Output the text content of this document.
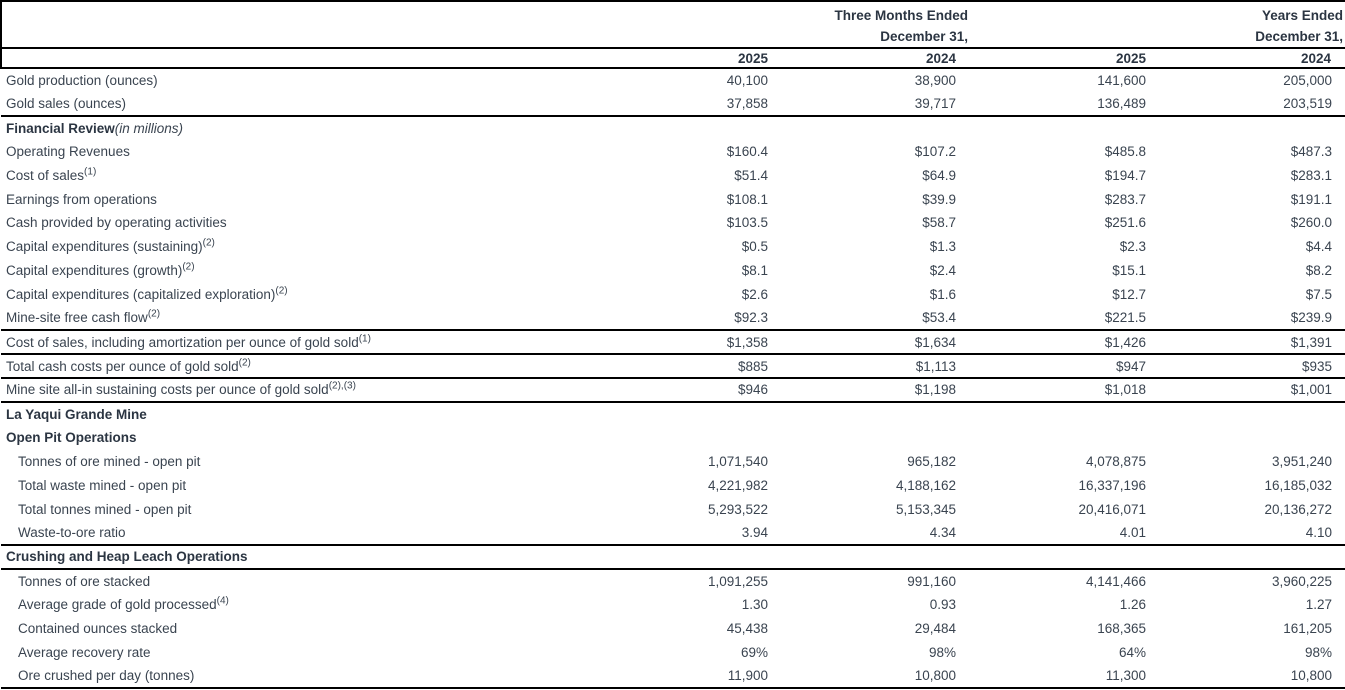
Three Months Ended
December 31,

Years Ended
December 31,

	2025	2024	2025	2024
Gold production (ounces)	40,100	38,900	141,600	205,000
Gold sales (ounces)	37,858	39,717	136,489	203,519
Financial Review(in millions)				
Operating Revenues	$160.4	$107.2	$485.8	$487.3
Cost of sales$^{(1)}$	$51.4	$64.9	$194.7	$283.1
Earnings from operations	$108.1	$39.9	$283.7	$191.1
Cash provided by operating activities	$103.5	$58.7	$251.6	$260.0
Capital expenditures (sustaining)$^{(2)}$	$0.5	$1.3	$2.3	$4.4
Capital expenditures (growth)$^{(2)}$	$8.1	$2.4	$15.1	$8.2
Capital expenditures (capitalized exploration)$^{(2)}$	$2.6	$1.6	$12.7	$7.5
Mine-site free cash flow$^{(2)}$	$92.3	$53.4	$221.5	$239.9
Cost of sales, including amortization per ounce of gold sold$^{(1)}$	$1,358	$1,634	$1,426	$1,391
Total cash costs per ounce of gold sold$^{(2)}$	$885	$1,113	$947	$935
Mine site all-in sustaining costs per ounce of gold sold$^{(2),(3)}$	$946	$1,198	$1,018	$1,001
La Yaqui Grande Mine				
Open Pit Operations				
Tonnes of ore mined - open pit	1,071,540	965,182	4,078,875	3,951,240
Total waste mined - open pit	4,221,982	4,188,162	16,337,196	16,185,032
Total tonnes mined - open pit	5,293,522	5,153,345	20,416,071	20,136,272
Waste-to-ore ratio	3.94	4.34	4.01	4.10
Crushing and Heap Leach Operations				
Tonnes of ore stacked	1,091,255	991,160	4,141,466	3,960,225
Average grade of gold processed$^{(4)}$	1.30	0.93	1.26	1.27
Contained ounces stacked	45,438	29,484	168,365	161,205
Average recovery rate	69%	98%	64%	98%
Ore crushed per day (tonnes)	11,900	10,800	11,300	10,800
